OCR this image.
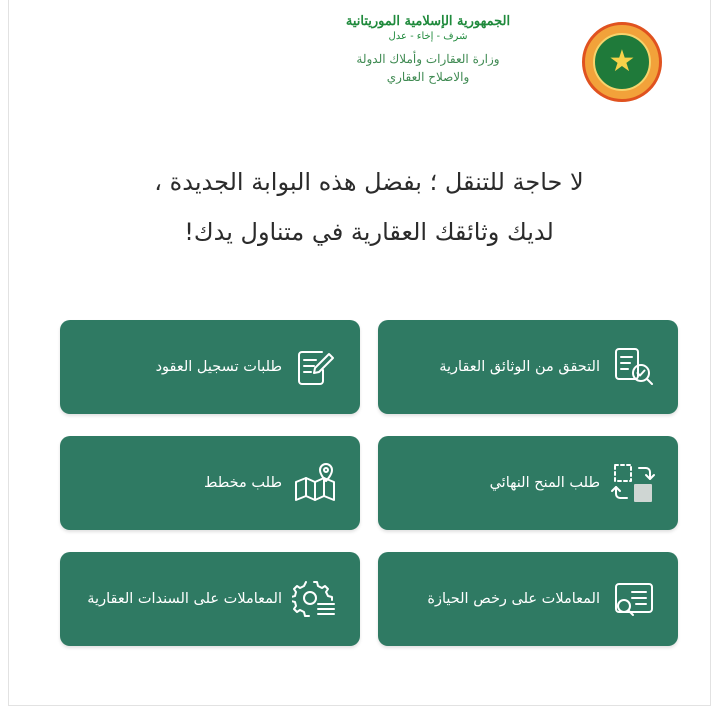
★
الجمهورية الإسلامية الموريتانية
شرف - إخاء - عدل
وزارة العقارات وأملاك الدولة
والاصلاح العقاري
لا حاجة للتنقل ؛ بفضل هذه البوابة الجديدة ،
لديك وثائقك العقارية في متناول يدك!
التحقق من الوثائق العقارية
طلبات تسجيل العقود
طلب المنح النهائي
طلب مخطط
المعاملات على رخص الحيازة
المعاملات على السندات العقارية
